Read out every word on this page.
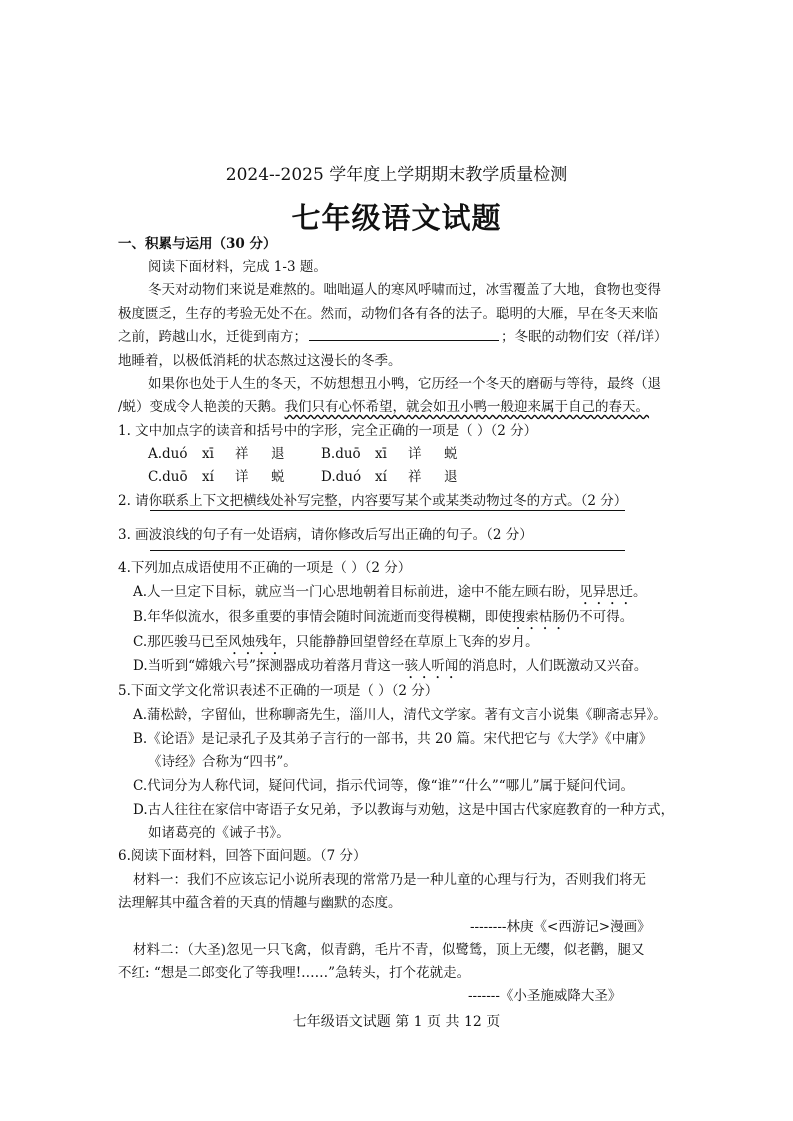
2024--2025 学年度上学期期末教学质量检测
七年级语文试题
一、积累与运用（30 分）
阅读下面材料，完成 1-3 题。
冬天对动物们来说是难熬的。咄咄逼人的寒风呼啸而过，冰雪覆盖了大地，食物也变得
极度匮乏，生存的考验无处不在。然而，动物们各有各的法子。聪明的大雁，早在冬天来临
之前，跨越山水，迁徙到南方；	；冬眠的动物们安（祥/详）
地睡着，以极低消耗的状态熬过这漫长的冬季。
如果你也处于人生的冬天，不妨想想丑小鸭，它历经一个冬天的磨砺与等待，最终（退
/蜕）变成令人艳羡的天鹅。我们只有心怀希望，就会如丑小鸭一般迎来属于自己的春天。
1. 文中加点字的读音和括号中的字形，完全正确的一项是（ ）（2 分）
A.duó xī 祥 退	B.duō xī 详 蜕
C.duō xí 详 蜕	D.duó xí 祥 退
2. 请你联系上下文把横线处补写完整，内容要写某个或某类动物过冬的方式。（2 分）
3. 画波浪线的句子有一处语病，请你修改后写出正确的句子。（2 分）
4.下列加点成语使用不正确的一项是（ ）（2 分）
A.人一旦定下目标，就应当一门心思地朝着目标前进，途中不能左顾右盼，见异思迁。
B.年华似流水，很多重要的事情会随时间流逝而变得模糊，即使搜索枯肠仍不可得。
C.那匹骏马已至风烛残年，只能静静回望曾经在草原上飞奔的岁月。
D.当听到“嫦娥六号”探测器成功着落月背这一骇人听闻的消息时，人们既激动又兴奋。
5.下面文学文化常识表述不正确的一项是（ ）（2 分）
A.蒲松龄，字留仙，世称聊斋先生，淄川人，清代文学家。著有文言小说集《聊斋志异》。
B.《论语》是记录孔子及其弟子言行的一部书，共 20 篇。宋代把它与《大学》《中庸》
《诗经》合称为“四书”。
C.代词分为人称代词，疑问代词，指示代词等，像“谁”“什么”“哪儿”属于疑问代词。
D.古人往往在家信中寄语子女兄弟，予以教诲与劝勉，这是中国古代家庭教育的一种方式，
如诸葛亮的《诫子书》。
6.阅读下面材料，回答下面问题。（7 分）
材料一：我们不应该忘记小说所表现的常常乃是一种儿童的心理与行为，否则我们将无
法理解其中蕴含着的天真的情趣与幽默的态度。
--------林庚《<西游记>漫画》
材料二：（大圣)忽见一只飞禽，似青鹞，毛片不青，似鹭鸶，顶上无缨，似老鹳，腿又
不红: “想是二郎变化了等我哩!……”急转头，打个花就走。
-------《小圣施威降大圣》
七年级语文试题 第 1 页 共 12 页
